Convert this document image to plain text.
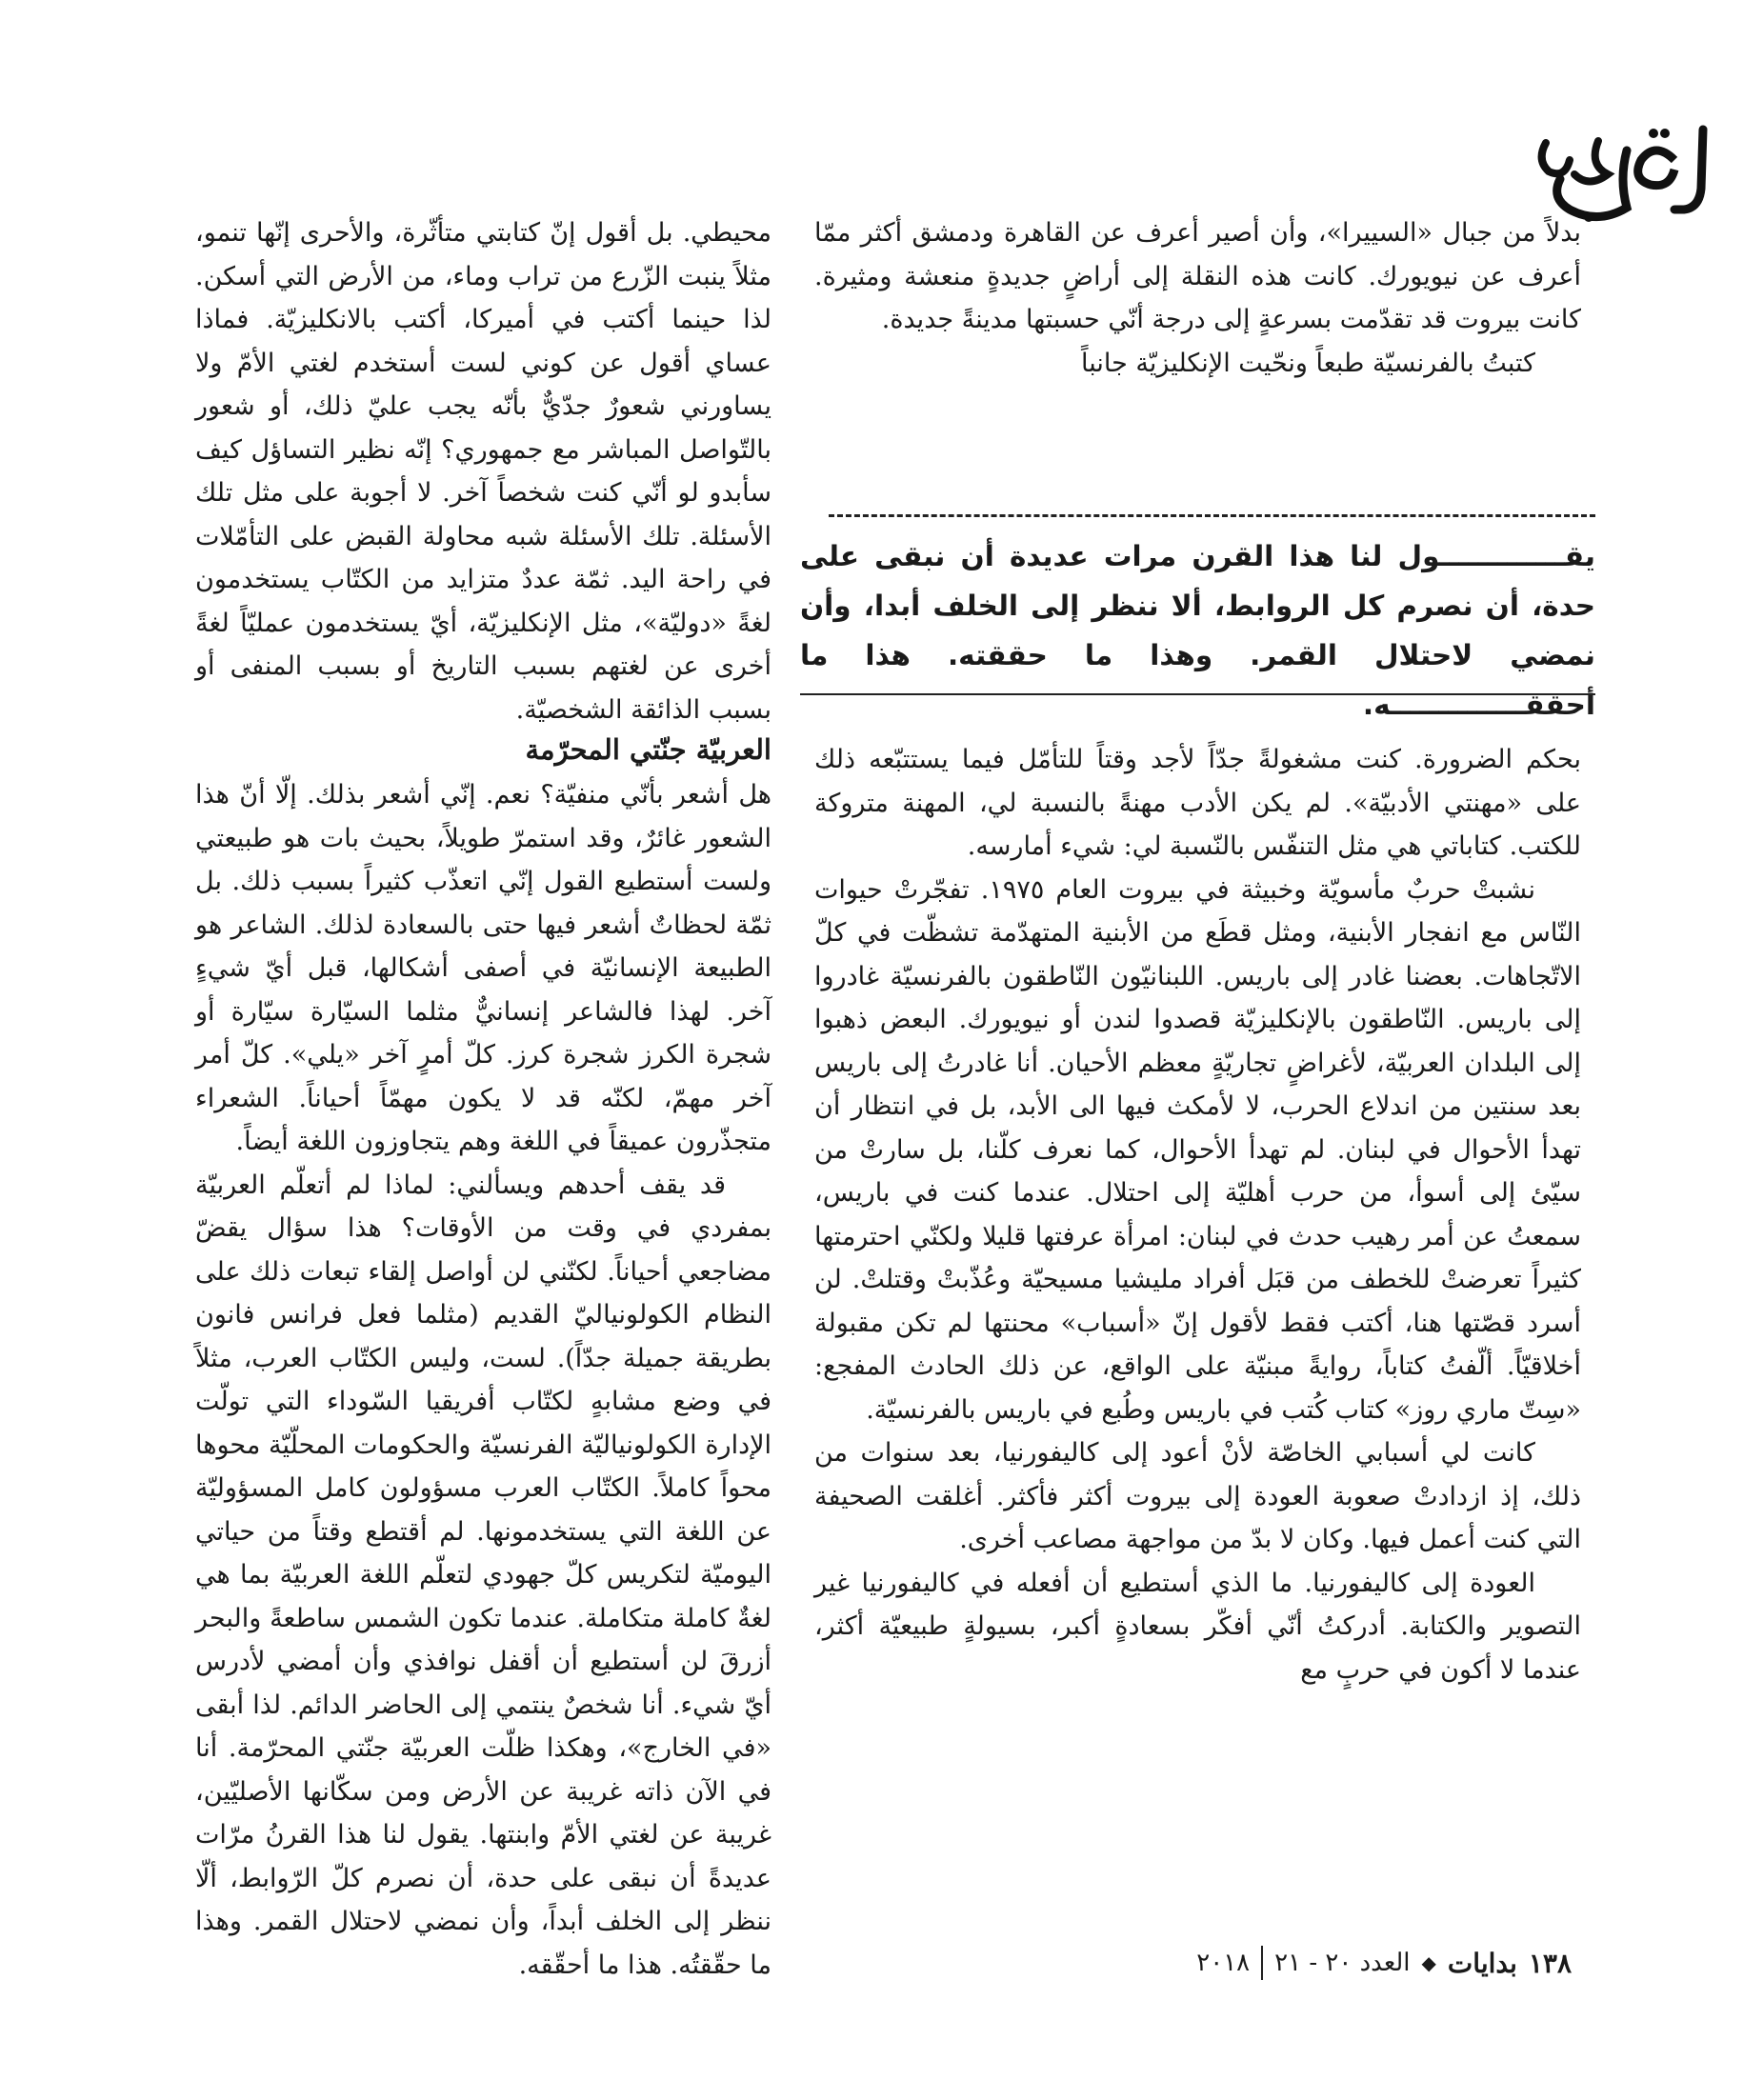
بدلاً من جبال «السييرا»، وأن أصير أعرف عن القاهرة ودمشق أكثر ممّا أعرف عن نيويورك. كانت هذه النقلة إلى أراضٍ جديدةٍ منعشة ومثيرة. كانت بيروت قد تقدّمت بسرعةٍ إلى درجة أنّي حسبتها مدينةً جديدة.

كتبتُ بالفرنسيّة طبعاً ونحّيت الإنكليزيّة جانباً

يقـــــــــــــول لنا هذا القرن مرات عديدة أن نبقى على حدة، أن نصرم كل الروابط، ألا ننظر إلى الخلف أبدا، وأن نمضي لاحتلال القمر. وهذا ما حققته. هذا ما أحققــــــــــــــه.

محيطي. بل أقول إنّ كتابتي متأثّرة، والأحرى إنّها تنمو، مثلاً ينبت الزّرع من تراب وماء، من الأرض التي أسكن. لذا حينما أكتب في أميركا، أكتب بالانكليزيّة. فماذا عساي أقول عن كوني لست أستخدم لغتي الأمّ ولا يساورني شعورٌ جدّيٌّ بأنّه يجب عليّ ذلك، أو شعور بالتّواصل المباشر مع جمهوري؟ إنّه نظير التساؤل كيف سأبدو لو أنّي كنت شخصاً آخر. لا أجوبة على مثل تلك الأسئلة. تلك الأسئلة شبه محاولة القبض على التأمّلات في راحة اليد. ثمّة عددٌ متزايد من الكتّاب يستخدمون لغةً «دوليّة»، مثل الإنكليزيّة، أيّ يستخدمون عمليّاً لغةً أخرى عن لغتهم بسبب التاريخ أو بسبب المنفى أو بسبب الذائقة الشخصيّة.

بحكم الضرورة. كنت مشغولةً جدّاً لأجد وقتاً للتأمّل فيما يستتبّعه ذلك على «مهنتي الأدبيّة». لم يكن الأدب مهنةً بالنسبة لي، المهنة متروكة للكتب. كتاباتي هي مثل التنفّس بالنّسبة لي: شيء أمارسه.

نشبتْ حربٌ مأسويّة وخبيثة في بيروت العام ١٩٧٥. تفجّرتْ حيوات النّاس مع انفجار الأبنية، ومثل قطَع من الأبنية المتهدّمة تشظّت في كلّ الاتّجاهات. بعضنا غادر إلى باريس. اللبنانيّون النّاطقون بالفرنسيّة غادروا إلى باريس. النّاطقون بالإنكليزيّة قصدوا لندن أو نيويورك. البعض ذهبوا إلى البلدان العربيّة، لأغراضٍ تجاريّةٍ معظم الأحيان. أنا غادرتُ إلى باريس بعد سنتين من اندلاع الحرب، لا لأمكث فيها الى الأبد، بل في انتظار أن تهدأ الأحوال في لبنان. لم تهدأ الأحوال، كما نعرف كلّنا، بل سارتْ من سيّئ إلى أسوأ، من حرب أهليّة إلى احتلال. عندما كنت في باريس، سمعتُ عن أمر رهيب حدث في لبنان: امرأة عرفتها قليلا ولكنّي احترمتها كثيراً تعرضتْ للخطف من قبَل أفراد مليشيا مسيحيّة وعُذّبتْ وقتلتْ. لن أسرد قصّتها هنا، أكتب فقط لأقول إنّ «أسباب» محنتها لم تكن مقبولة أخلاقيّاً. ألّفتُ كتاباً، روايةً مبنيّة على الواقع، عن ذلك الحادث المفجع: «سِتّ ماري روز» كتاب كُتب في باريس وطُبع في باريس بالفرنسيّة.

كانت لي أسبابي الخاصّة لأنْ أعود إلى كاليفورنيا، بعد سنوات من ذلك، إذ ازدادتْ صعوبة العودة إلى بيروت أكثر فأكثر. أغلقت الصحيفة التي كنت أعمل فيها. وكان لا بدّ من مواجهة مصاعب أخرى.

العودة إلى كاليفورنيا. ما الذي أستطيع أن أفعله في كاليفورنيا غير التصوير والكتابة. أدركتُ أنّي أفكّر بسعادةٍ أكبر، بسيولةٍ طبيعيّة أكثر، عندما لا أكون في حربٍ مع

العربيّة جنّتي المحرّمة

هل أشعر بأنّي منفيّة؟ نعم. إنّي أشعر بذلك. إلّا أنّ هذا الشعور غائرٌ، وقد استمرّ طويلاً، بحيث بات هو طبيعتي ولست أستطيع القول إنّي اتعذّب كثيراً بسبب ذلك. بل ثمّة لحظاتٌ أشعر فيها حتى بالسعادة لذلك. الشاعر هو الطبيعة الإنسانيّة في أصفى أشكالها، قبل أيّ شيءٍ آخر. لهذا فالشاعر إنسانيٌّ مثلما السيّارة سيّارة أو شجرة الكرز شجرة كرز. كلّ أمرٍ آخر «يلي». كلّ أمر آخر مهمّ، لكنّه قد لا يكون مهمّاً أحياناً. الشعراء متجذّرون عميقاً في اللغة وهم يتجاوزون اللغة أيضاً.

قد يقف أحدهم ويسألني: لماذا لم أتعلّم العربيّة بمفردي في وقت من الأوقات؟ هذا سؤال يقضّ مضاجعي أحياناً. لكنّني لن أواصل إلقاء تبعات ذلك على النظام الكولونياليّ القديم (مثلما فعل فرانس فانون بطريقة جميلة جدّاً). لست، وليس الكتّاب العرب، مثلاً في وضع مشابهٍ لكتّاب أفريقيا السّوداء التي تولّت الإدارة الكولونياليّة الفرنسيّة والحكومات المحلّيّة محوها محواً كاملاً. الكتّاب العرب مسؤولون كامل المسؤوليّة عن اللغة التي يستخدمونها. لم أقتطع وقتاً من حياتي اليوميّة لتكريس كلّ جهودي لتعلّم اللغة العربيّة بما هي لغةٌ كاملة متكاملة. عندما تكون الشمس ساطعةً والبحر أزرقَ لن أستطيع أن أقفل نوافذي وأن أمضي لأدرس أيّ شيء. أنا شخصٌ ينتمي إلى الحاضر الدائم. لذا أبقى «في الخارج»، وهكذا ظلّت العربيّة جنّتي المحرّمة. أنا في الآن ذاته غريبة عن الأرض ومن سكّانها الأصليّين، غريبة عن لغتي الأمّ وابنتها. يقول لنا هذا القرنُ مرّات عديدةً أن نبقى على حدة، أن نصرم كلّ الرّوابط، ألّا ننظر إلى الخلف أبداً، وأن نمضي لاحتلال القمر. وهذا ما حقّقتُه. هذا ما أحقّقه.	١٣٨
بدايات
◆
العدد ٢٠ - ٢١
٢٠١٨
